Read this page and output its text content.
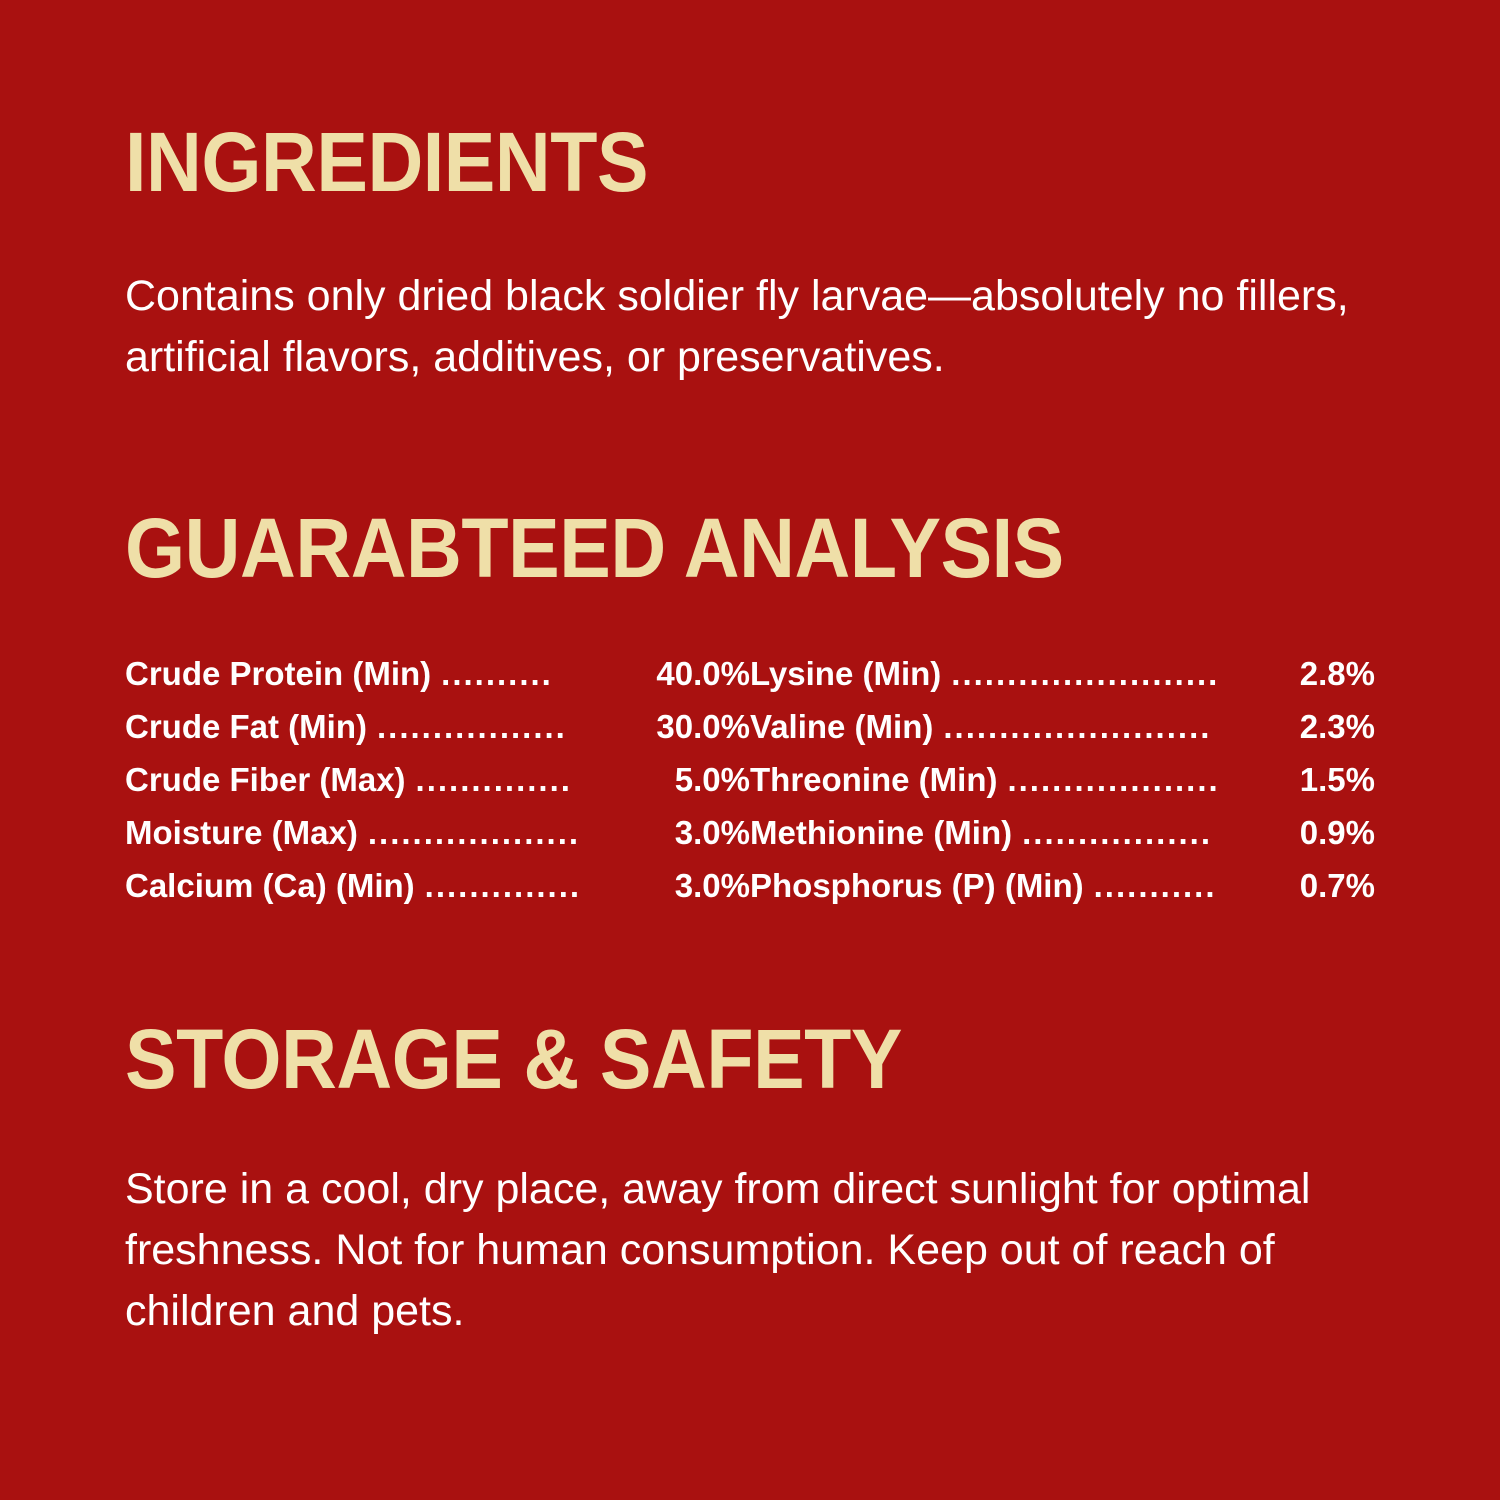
INGREDIENTS

Contains only dried black soldier fly larvae—absolutely no fillers, artificial flavors, additives, or preservatives.

GUARABTEED ANALYSIS
Crude Protein (Min) ..........	40.0%
Crude Fat (Min) .................	30.0%
Crude Fiber (Max) ..............	5.0%
Moisture (Max) ...................	3.0%
Calcium (Ca) (Min) ..............	3.0%
Lysine (Min) ........................	2.8%
Valine (Min) ........................	2.3%
Threonine (Min) ...................	1.5%
Methionine (Min) .................	0.9%
Phosphorus (P) (Min) ...........	0.7%
STORAGE & SAFETY

Store in a cool, dry place, away from direct sunlight for optimal freshness. Not for human consumption. Keep out of reach of children and pets.
